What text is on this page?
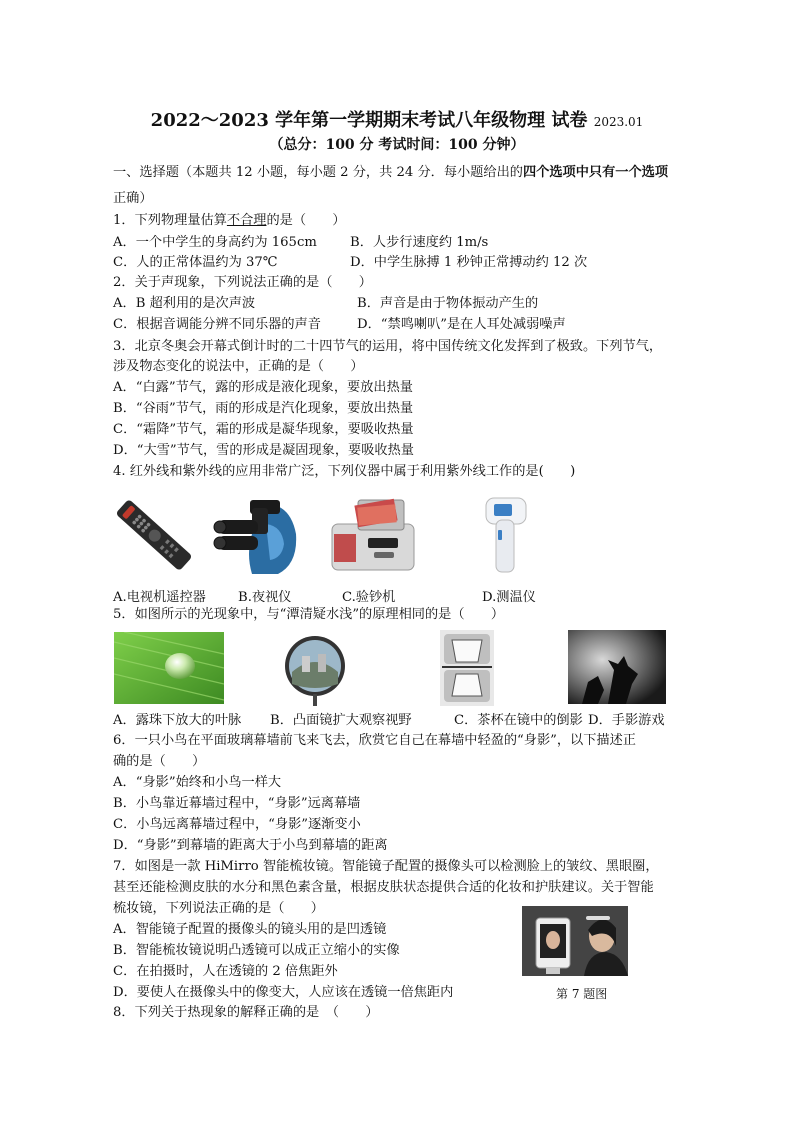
2022～2023 学年第一学期期末考试八年级物理 试卷 2023.01
（总分：100 分 考试时间：100 分钟）
一、选择题（本题共 12 小题，每小题 2 分，共 24 分．每小题给出的四个选项中只有一个选项
正确）
1．下列物理量估算不合理的是（　　）
A．一个中学生的身高约为 165cm	B．人步行速度约 1m/s
C．人的正常体温约为 37℃	D．中学生脉搏 1 秒钟正常搏动约 12 次
2．关于声现象，下列说法正确的是（　　）
A．B 超利用的是次声波	B．声音是由于物体振动产生的
C．根据音调能分辨不同乐器的声音	D．“禁鸣喇叭”是在人耳处减弱噪声
3．北京冬奥会开幕式倒计时的二十四节气的运用，将中国传统文化发挥到了极致。下列节气，
涉及物态变化的说法中，正确的是（　　）
A．“白露”节气，露的形成是液化现象，要放出热量
B．“谷雨”节气，雨的形成是汽化现象，要放出热量
C．“霜降”节气，霜的形成是凝华现象，要吸收热量
D．“大雪”节气，雪的形成是凝固现象，要吸收热量
4. 红外线和紫外线的应用非常广泛，下列仪器中属于利用紫外线工作的是(　　)
A.电视机遥控器 B.夜视仪	C.验钞机	D.测温仪
5．如图所示的光现象中，与“潭清疑水浅”的原理相同的是（　　）
A．露珠下放大的叶脉 B．凸面镜扩大观察视野	C．茶杯在镜中的倒影 D．手影游戏
6．一只小鸟在平面玻璃幕墙前飞来飞去，欣赏它自己在幕墙中轻盈的“身影”，以下描述正
确的是（　　）
A．“身影”始终和小鸟一样大
B．小鸟靠近幕墙过程中，“身影”远离幕墙
C．小鸟远离幕墙过程中，“身影”逐渐变小
D．“身影”到幕墙的距离大于小鸟到幕墙的距离
7．如图是一款 HiMirro 智能梳妆镜。智能镜子配置的摄像头可以检测脸上的皱纹、黑眼圈，
甚至还能检测皮肤的水分和黑色素含量，根据皮肤状态提供合适的化妆和护肤建议。关于智能
梳妆镜，下列说法正确的是（　　）
A．智能镜子配置的摄像头的镜头用的是凹透镜
B．智能梳妆镜说明凸透镜可以成正立缩小的实像
C．在拍摄时，人在透镜的 2 倍焦距外
D．要使人在摄像头中的像变大，人应该在透镜一倍焦距内	第 7 题图
8．下列关于热现象的解释正确的是　（　　）
